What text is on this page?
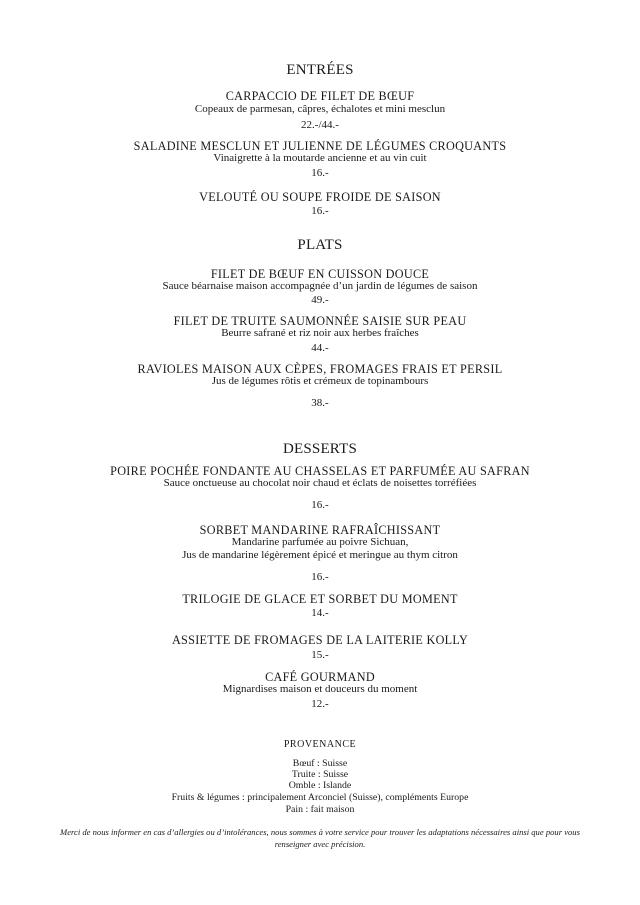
ENTRÉES
CARPACCIO DE FILET DE BŒUF
Copeaux de parmesan, câpres, échalotes et mini mesclun
22.-/44.-
SALADINE MESCLUN ET JULIENNE DE LÉGUMES CROQUANTS
Vinaigrette à la moutarde ancienne et au vin cuit
16.-
VELOUTÉ OU SOUPE FROIDE DE SAISON
16.-
PLATS
FILET DE BŒUF EN CUISSON DOUCE
Sauce béarnaise maison accompagnée d’un jardin de légumes de saison
49.-
FILET DE TRUITE SAUMONNÉE SAISIE SUR PEAU
Beurre safrané et riz noir aux herbes fraîches
44.-
RAVIOLES MAISON AUX CÈPES, FROMAGES FRAIS ET PERSIL
Jus de légumes rôtis et crémeux de topinambours
38.-
DESSERTS
POIRE POCHÉE FONDANTE AU CHASSELAS ET PARFUMÉE AU SAFRAN
Sauce onctueuse au chocolat noir chaud et éclats de noisettes torréfiées
16.-
SORBET MANDARINE RAFRAÎCHISSANT
Mandarine parfumée au poivre Sichuan,
Jus de mandarine légèrement épicé et meringue au thym citron
16.-
TRILOGIE DE GLACE ET SORBET DU MOMENT
14.-
ASSIETTE DE FROMAGES DE LA LAITERIE KOLLY
15.-
CAFÉ GOURMAND
Mignardises maison et douceurs du moment
12.-
PROVENANCE
Bœuf : Suisse
Truite : Suisse
Omble : Islande
Fruits & légumes : principalement Arconciel (Suisse), compléments Europe
Pain : fait maison
Merci de nous informer en cas d’allergies ou d’intolérances, nous sommes à votre service pour trouver les adaptations nécessaires ainsi que pour vous renseigner avec précision.
